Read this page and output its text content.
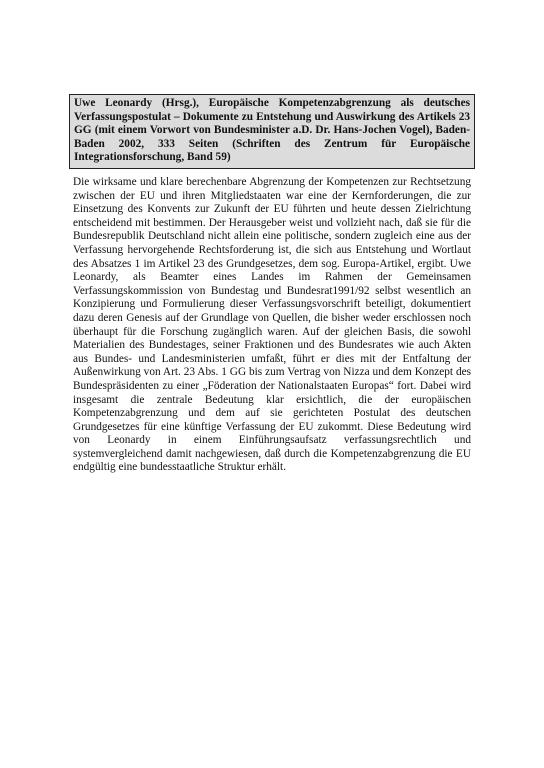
Uwe Leonardy (Hrsg.), Europäische Kompetenzabgrenzung als deutsches Verfassungspostulat – Dokumente zu Entstehung und Auswirkung des Artikels 23 GG (mit einem Vorwort von Bundesminister a.D. Dr. Hans-Jochen Vogel), Baden-Baden 2002, 333 Seiten (Schriften des Zentrum für Europäische Integrationsforschung, Band 59)

Die wirksame und klare berechenbare Abgrenzung der Kompetenzen zur Rechtsetzung zwischen der EU und ihren Mitgliedstaaten war eine der Kernforderungen, die zur Einsetzung des Konvents zur Zukunft der EU führten und heute dessen Zielrichtung entscheidend mit bestimmen. Der Herausgeber weist und vollzieht nach, daß sie für die Bundesrepublik Deutschland nicht allein eine politische, sondern zugleich eine aus der Verfassung hervorgehende Rechtsforderung ist, die sich aus Entstehung und Wortlaut des Absatzes 1 im Artikel 23 des Grundgesetzes, dem sog. Europa-Artikel, ergibt. Uwe Leonardy, als Beamter eines Landes im Rahmen der Gemeinsamen Verfassungskommission von Bundestag und Bundesrat1991/92 selbst wesentlich an Konzipierung und Formulierung dieser Verfassungsvorschrift beteiligt, dokumentiert dazu deren Genesis auf der Grundlage von Quellen, die bisher weder erschlossen noch überhaupt für die Forschung zugänglich waren. Auf der gleichen Basis, die sowohl Materialien des Bundestages, seiner Fraktionen und des Bundesrates wie auch Akten aus Bundes- und Landesministerien umfaßt, führt er dies mit der Entfaltung der Außenwirkung von Art. 23 Abs. 1 GG bis zum Vertrag von Nizza und dem Konzept des Bundespräsidenten zu einer „Föderation der Nationalstaaten Europas“ fort. Dabei wird insgesamt die zentrale Bedeutung klar ersichtlich, die der europäischen Kompetenzabgrenzung und dem auf sie gerichteten Postulat des deutschen Grundgesetzes für eine künftige Verfassung der EU zukommt. Diese Bedeutung wird von Leonardy in einem Einführungsaufsatz verfassungsrechtlich und systemvergleichend damit nachgewiesen, daß durch die Kompetenzabgrenzung die EU endgültig eine bundesstaatliche Struktur erhält.
